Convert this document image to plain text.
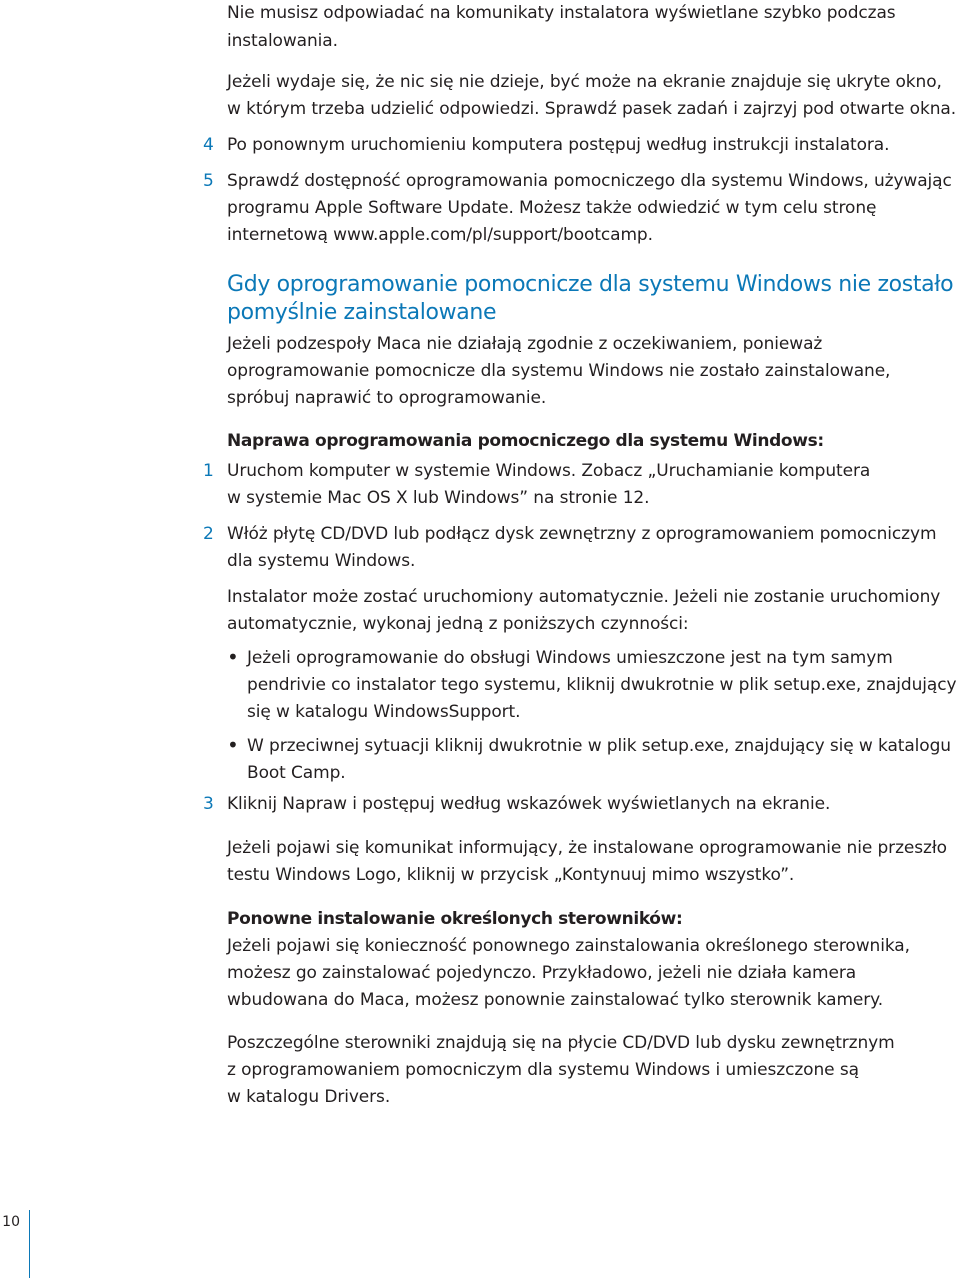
Nie musisz odpowiadać na komunikaty instalatora wyświetlane szybko podczas
instalowania.
Jeżeli wydaje się, że nic się nie dzieje, być może na ekranie znajduje się ukryte okno,
w którym trzeba udzielić odpowiedzi. Sprawdź pasek zadań i zajrzyj pod otwarte okna.
4 Po ponownym uruchomieniu komputera postępuj według instrukcji instalatora.
5 Sprawdź dostępność oprogramowania pomocniczego dla systemu Windows, używając
programu Apple Software Update. Możesz także odwiedzić w tym celu stronę
internetową www.apple.com/pl/support/bootcamp.
Gdy oprogramowanie pomocnicze dla systemu Windows nie zostało
pomyślnie zainstalowane
Jeżeli podzespoły Maca nie działają zgodnie z oczekiwaniem, ponieważ
oprogramowanie pomocnicze dla systemu Windows nie zostało zainstalowane,
spróbuj naprawić to oprogramowanie.
Naprawa oprogramowania pomocniczego dla systemu Windows:
1 Uruchom komputer w systemie Windows. Zobacz „Uruchamianie komputera
w systemie Mac OS X lub Windows” na stronie 12.
2 Włóż płytę CD/DVD lub podłącz dysk zewnętrzny z oprogramowaniem pomocniczym
dla systemu Windows.
Instalator może zostać uruchomiony automatycznie. Jeżeli nie zostanie uruchomiony
automatycznie, wykonaj jedną z poniższych czynności:
• Jeżeli oprogramowanie do obsługi Windows umieszczone jest na tym samym
pendrivie co instalator tego systemu, kliknij dwukrotnie w plik setup.exe, znajdujący
się w katalogu WindowsSupport.
• W przeciwnej sytuacji kliknij dwukrotnie w plik setup.exe, znajdujący się w katalogu
Boot Camp.
3 Kliknij Napraw i postępuj według wskazówek wyświetlanych na ekranie.
Jeżeli pojawi się komunikat informujący, że instalowane oprogramowanie nie przeszło
testu Windows Logo, kliknij w przycisk „Kontynuuj mimo wszystko”.
Ponowne instalowanie określonych sterowników:
Jeżeli pojawi się konieczność ponownego zainstalowania określonego sterownika,
możesz go zainstalować pojedynczo. Przykładowo, jeżeli nie działa kamera
wbudowana do Maca, możesz ponownie zainstalować tylko sterownik kamery.
Poszczególne sterowniki znajdują się na płycie CD/DVD lub dysku zewnętrznym
z oprogramowaniem pomocniczym dla systemu Windows i umieszczone są
w katalogu Drivers.
10
